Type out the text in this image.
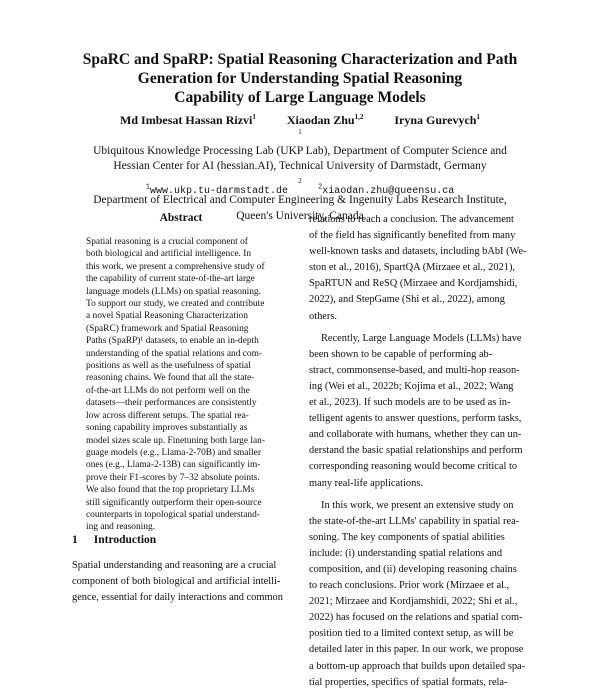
SpaRC and SpaRP: Spatial Reasoning Characterization and Path
Generation for Understanding Spatial Reasoning
Capability of Large Language Models
Md Imbesat Hassan Rizvi$^1$	Xiaodan Zhu$^{1,2}$	Iryna Gurevych$^1$
$^1$
Ubiquitous Knowledge Processing Lab (UKP Lab), Department of Computer Science and
Hessian Center for AI (hessian.AI), Technical University of Darmstadt, Germany
$^2$
Department of Electrical and Computer Engineering & Ingenuity Labs Research Institute,
Queen's University, Canada
$^1$www.ukp.tu-darmstadt.de	$^2$xiaodan.zhu@queensu.ca
Abstract
Spatial reasoning is a crucial component of
both biological and artificial intelligence. In
this work, we present a comprehensive study of
the capability of current state-of-the-art large
language models (LLMs) on spatial reasoning.
To support our study, we created and contribute
a novel Spatial Reasoning Characterization
(SpaRC) framework and Spatial Reasoning
Paths (SpaRP)¹ datasets, to enable an in-depth
understanding of the spatial relations and com-
positions as well as the usefulness of spatial
reasoning chains. We found that all the state-
of-the-art LLMs do not perform well on the
datasets—their performances are consistently
low across different setups. The spatial rea-
soning capability improves substantially as
model sizes scale up. Finetuning both large lan-
guage models (e.g., Llama-2-70B) and smaller
ones (e.g., Llama-2-13B) can significantly im-
prove their F1-scores by 7–32 absolute points.
We also found that the top proprietary LLMs
still significantly outperform their open-source
counterparts in topological spatial understand-
ing and reasoning.
1 Introduction
Spatial understanding and reasoning are a crucial
component of both biological and artificial intelli-
gence, essential for daily interactions and common
relations to reach a conclusion. The advancement
of the field has significantly benefited from many
well-known tasks and datasets, including bAbI (We-
ston et al., 2016), SpartQA (Mirzaee et al., 2021),
SpaRTUN and ReSQ (Mirzaee and Kordjamshidi,
2022), and StepGame (Shi et al., 2022), among
others.
Recently, Large Language Models (LLMs) have
been shown to be capable of performing ab-
stract, commonsense-based, and multi-hop reason-
ing (Wei et al., 2022b; Kojima et al., 2022; Wang
et al., 2023). If such models are to be used as in-
telligent agents to answer questions, perform tasks,
and collaborate with humans, whether they can un-
derstand the basic spatial relationships and perform
corresponding reasoning would become critical to
many real-life applications.
In this work, we present an extensive study on
the state-of-the-art LLMs' capability in spatial rea-
soning. The key components of spatial abilities
include: (i) understanding spatial relations and
composition, and (ii) developing reasoning chains
to reach conclusions. Prior work (Mirzaee et al.,
2021; Mirzaee and Kordjamshidi, 2022; Shi et al.,
2022) has focused on the relations and spatial com-
position tied to a limited context setup, as will be
detailed later in this paper. In our work, we propose
a bottom-up approach that builds upon detailed spa-
tial properties, specifics of spatial formats, rela-
